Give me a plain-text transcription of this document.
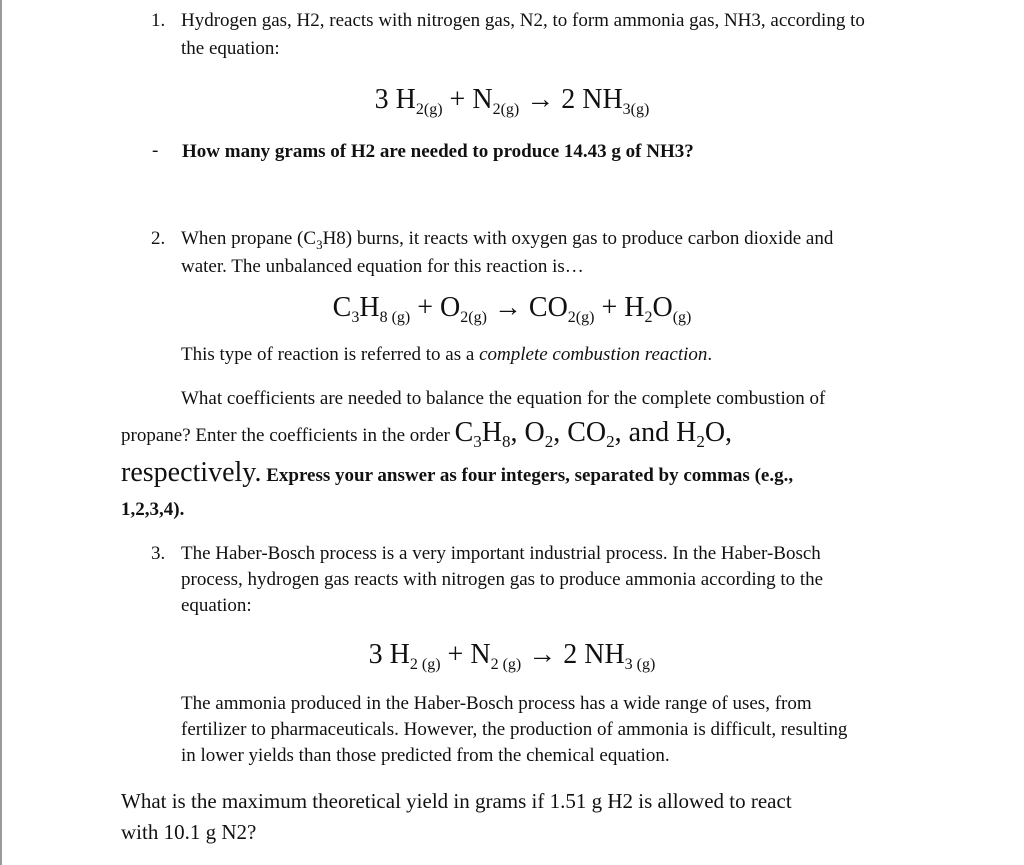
1. Hydrogen gas, H2, reacts with nitrogen gas, N2, to form ammonia gas, NH3, according to
the equation:
3 $H_{2(g)} + N_{2(g)} \to 2$ $NH_{3(g)}$
- How many grams of H2 are needed to produce 14.43 g of NH3?
2. When propane $(C_3H8)$ burns, it reacts with oxygen gas to produce carbon dioxide and
water. The unbalanced equation for this reaction is…
$C_3H_{8 (g)} + O_{2(g)} \to CO_{2(g)} + H_2O_{(g)}$
This type of reaction is referred to as a complete combustion reaction.
What coefficients are needed to balance the equation for the complete combustion of
propane? Enter the coefficients in the order $C_3H_8$, $O_2$, $CO_2$, and $H_2O$,
respectively. Express your answer as four integers, separated by commas (e.g.,
1,2,3,4).
3. The Haber-Bosch process is a very important industrial process. In the Haber-Bosch
process, hydrogen gas reacts with nitrogen gas to produce ammonia according to the
equation:
3 $H_{2 (g)} + N_{2 (g)} \to 2$ $NH_{3 (g)}$
The ammonia produced in the Haber-Bosch process has a wide range of uses, from
fertilizer to pharmaceuticals. However, the production of ammonia is difficult, resulting
in lower yields than those predicted from the chemical equation.
What is the maximum theoretical yield in grams if 1.51 g H2 is allowed to react
with 10.1 g N2?
